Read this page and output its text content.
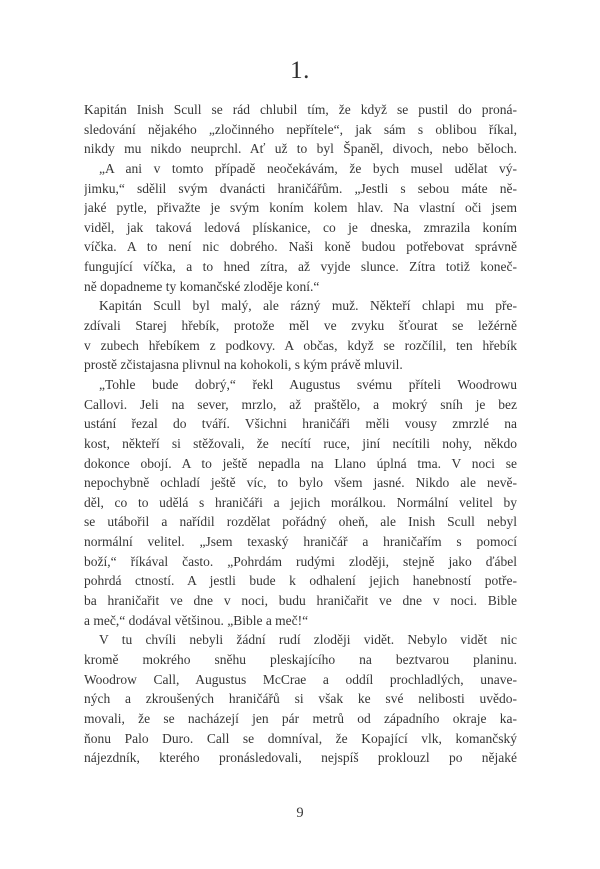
1.
Kapitán Inish Scull se rád chlubil tím, že když se pustil do proná-
sledování nějakého „zločinného nepřítele“, jak sám s oblibou říkal,
nikdy mu nikdo neuprchl. Ať už to byl Španěl, divoch, nebo běloch.
„A ani v tomto případě neočekávám, že bych musel udělat vý-
jimku,“ sdělil svým dvanácti hraničářům. „Jestli s sebou máte ně-
jaké pytle, přivažte je svým koním kolem hlav. Na vlastní oči jsem
viděl, jak taková ledová plískanice, co je dneska, zmrazila koním
víčka. A to není nic dobrého. Naši koně budou potřebovat správně
fungující víčka, a to hned zítra, až vyjde slunce. Zítra totiž koneč-
ně dopadneme ty komančské zloděje koní.“
Kapitán Scull byl malý, ale rázný muž. Někteří chlapi mu pře-
zdívali Starej hřebík, protože měl ve zvyku šťourat se ležérně
v zubech hřebíkem z podkovy. A občas, když se rozčílil, ten hřebík
prostě zčistajasna plivnul na kohokoli, s kým právě mluvil.
„Tohle bude dobrý,“ řekl Augustus svému příteli Woodrowu
Callovi. Jeli na sever, mrzlo, až praštělo, a mokrý sníh je bez
ustání řezal do tváří. Všichni hraničáři měli vousy zmrzlé na
kost, někteří si stěžovali, že necítí ruce, jiní necítili nohy, někdo
dokonce obojí. A to ještě nepadla na Llano úplná tma. V noci se
nepochybně ochladí ještě víc, to bylo všem jasné. Nikdo ale nevě-
děl, co to udělá s hraničáři a jejich morálkou. Normální velitel by
se utábořil a nařídil rozdělat pořádný oheň, ale Inish Scull nebyl
normální velitel. „Jsem texaský hraničář a hraničařím s pomocí
boží,“ říkával často. „Pohrdám rudými zloději, stejně jako ďábel
pohrdá ctností. A jestli bude k odhalení jejich hanebností potře-
ba hraničařit ve dne v noci, budu hraničařit ve dne v noci. Bible
a meč,“ dodával většinou. „Bible a meč!“
V tu chvíli nebyli žádní rudí zloději vidět. Nebylo vidět nic
kromě mokrého sněhu pleskajícího na beztvarou planinu.
Woodrow Call, Augustus McCrae a oddíl prochladlých, unave-
ných a zkroušených hraničářů si však ke své nelibosti uvědo-
movali, že se nacházejí jen pár metrů od západního okraje ka-
ňonu Palo Duro. Call se domníval, že Kopající vlk, komančský
nájezdník, kterého pronásledovali, nejspíš proklouzl po nějaké
9
